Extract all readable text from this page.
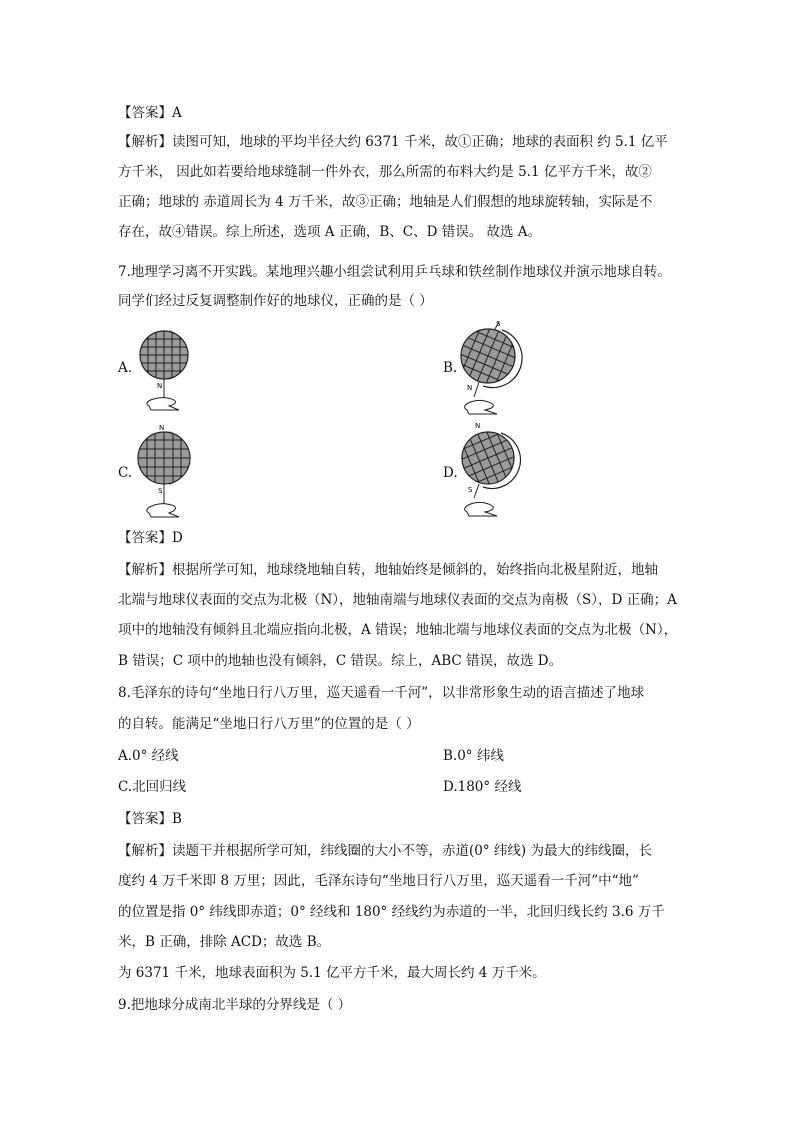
【答案】A
【解析】读图可知，地球的平均半径大约 6371 千米，故①正确；地球的表面积 约 5.1 亿平
方千米， 因此如若要给地球缝制一件外衣，那么所需的布料大约是 5.1 亿平方千米，故②
正确；地球的 赤道周长为 4 万千米，故③正确；地轴是人们假想的地球旋转轴，实际是不
存在，故④错误。综上所述，选项 A 正确，B、C、D 错误。 故选 A。
7.地理学习离不开实践。某地理兴趣小组尝试利用乒乓球和铁丝制作地球仪并演示地球自转。
同学们经过反复调整制作好的地球仪，正确的是（ ）
A.
N
B.
S
N
C.
N
S
D.
N
S
【答案】D
【解析】根据所学可知，地球绕地轴自转，地轴始终是倾斜的，始终指向北极星附近，地轴
北端与地球仪表面的交点为北极（N），地轴南端与地球仪表面的交点为南极（S），D 正确；A
项中的地轴没有倾斜且北端应指向北极，A 错误；地轴北端与地球仪表面的交点为北极（N），
B 错误；C 项中的地轴也没有倾斜，C 错误。综上，ABC 错误，故选 D。
8.毛泽东的诗句“坐地日行八万里，巡天遥看一千河”，以非常形象生动的语言描述了地球
的自转。能满足“坐地日行八万里”的位置的是（ ）
A.0° 经线	B.0° 纬线
C.北回归线	D.180° 经线
【答案】B
【解析】读题干并根据所学可知，纬线圈的大小不等，赤道(0° 纬线) 为最大的纬线圈，长
度约 4 万千米即 8 万里；因此，毛泽东诗句“坐地日行八万里，巡天遥看一千河”中“地”
的位置是指 0° 纬线即赤道；0° 经线和 180° 经线约为赤道的一半，北回归线长约 3.6 万千
米，B 正确，排除 ACD；故选 B。
为 6371 千米，地球表面积为 5.1 亿平方千米，最大周长约 4 万千米。
9.把地球分成南北半球的分界线是（ ）
